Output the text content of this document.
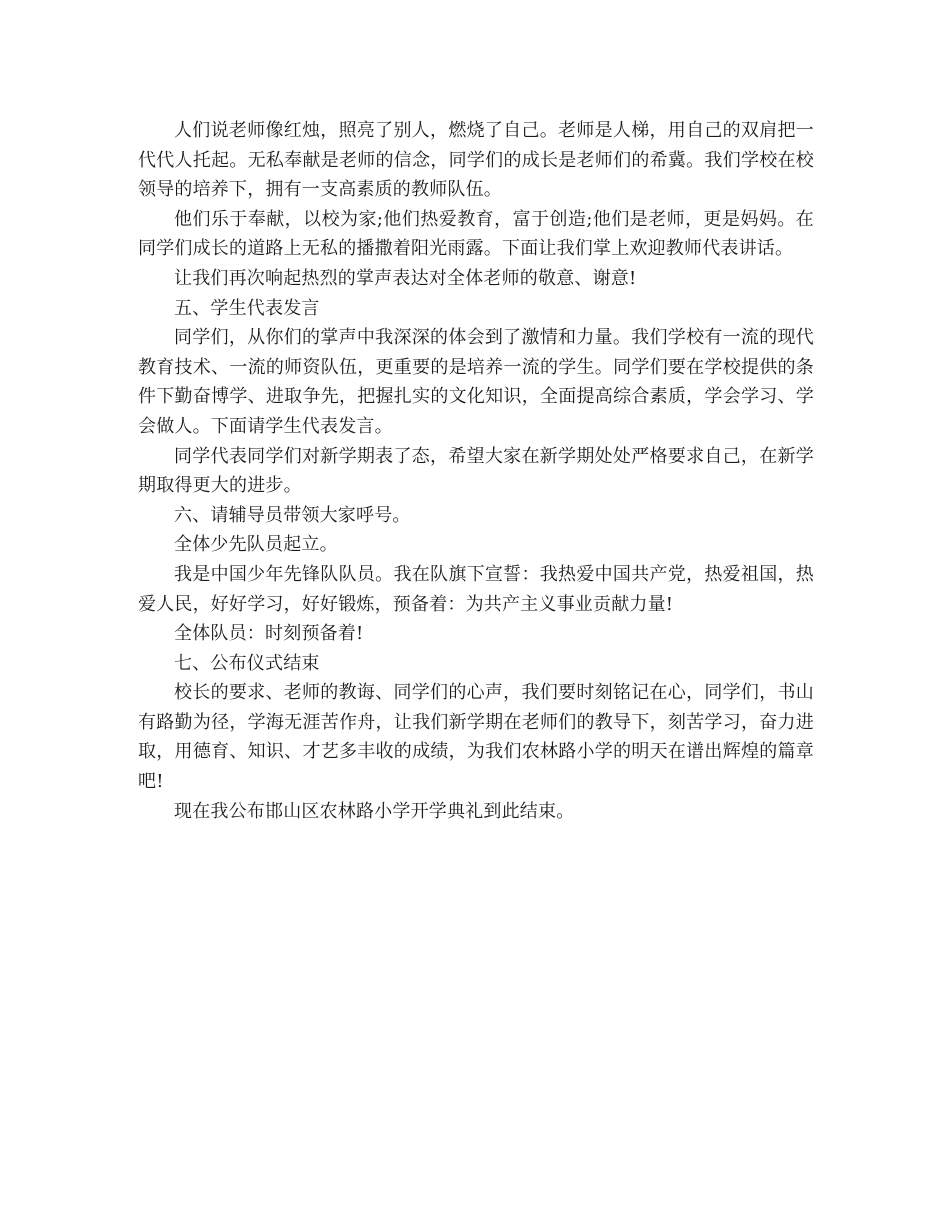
人们说老师像红烛，照亮了别人，燃烧了自己。老师是人梯，用自己的双肩把一代代人托起。无私奉献是老师的信念，同学们的成长是老师们的希冀。我们学校在校领导的培养下，拥有一支高素质的教师队伍。

他们乐于奉献，以校为家;他们热爱教育，富于创造;他们是老师，更是妈妈。在同学们成长的道路上无私的播撒着阳光雨露。下面让我们掌上欢迎教师代表讲话。

让我们再次响起热烈的掌声表达对全体老师的敬意、谢意!

五、学生代表发言

同学们，从你们的掌声中我深深的体会到了激情和力量。我们学校有一流的现代教育技术、一流的师资队伍，更重要的是培养一流的学生。同学们要在学校提供的条件下勤奋博学、进取争先，把握扎实的文化知识，全面提高综合素质，学会学习、学会做人。下面请学生代表发言。

同学代表同学们对新学期表了态，希望大家在新学期处处严格要求自己，在新学期取得更大的进步。

六、请辅导员带领大家呼号。

全体少先队员起立。

我是中国少年先锋队队员。我在队旗下宣誓：我热爱中国共产党，热爱祖国，热爱人民，好好学习，好好锻炼，预备着：为共产主义事业贡献力量!

全体队员：时刻预备着!

七、公布仪式结束

校长的要求、老师的教诲、同学们的心声，我们要时刻铭记在心，同学们，书山有路勤为径，学海无涯苦作舟，让我们新学期在老师们的教导下，刻苦学习，奋力进取，用德育、知识、才艺多丰收的成绩，为我们农林路小学的明天在谱出辉煌的篇章吧!

现在我公布邯山区农林路小学开学典礼到此结束。
